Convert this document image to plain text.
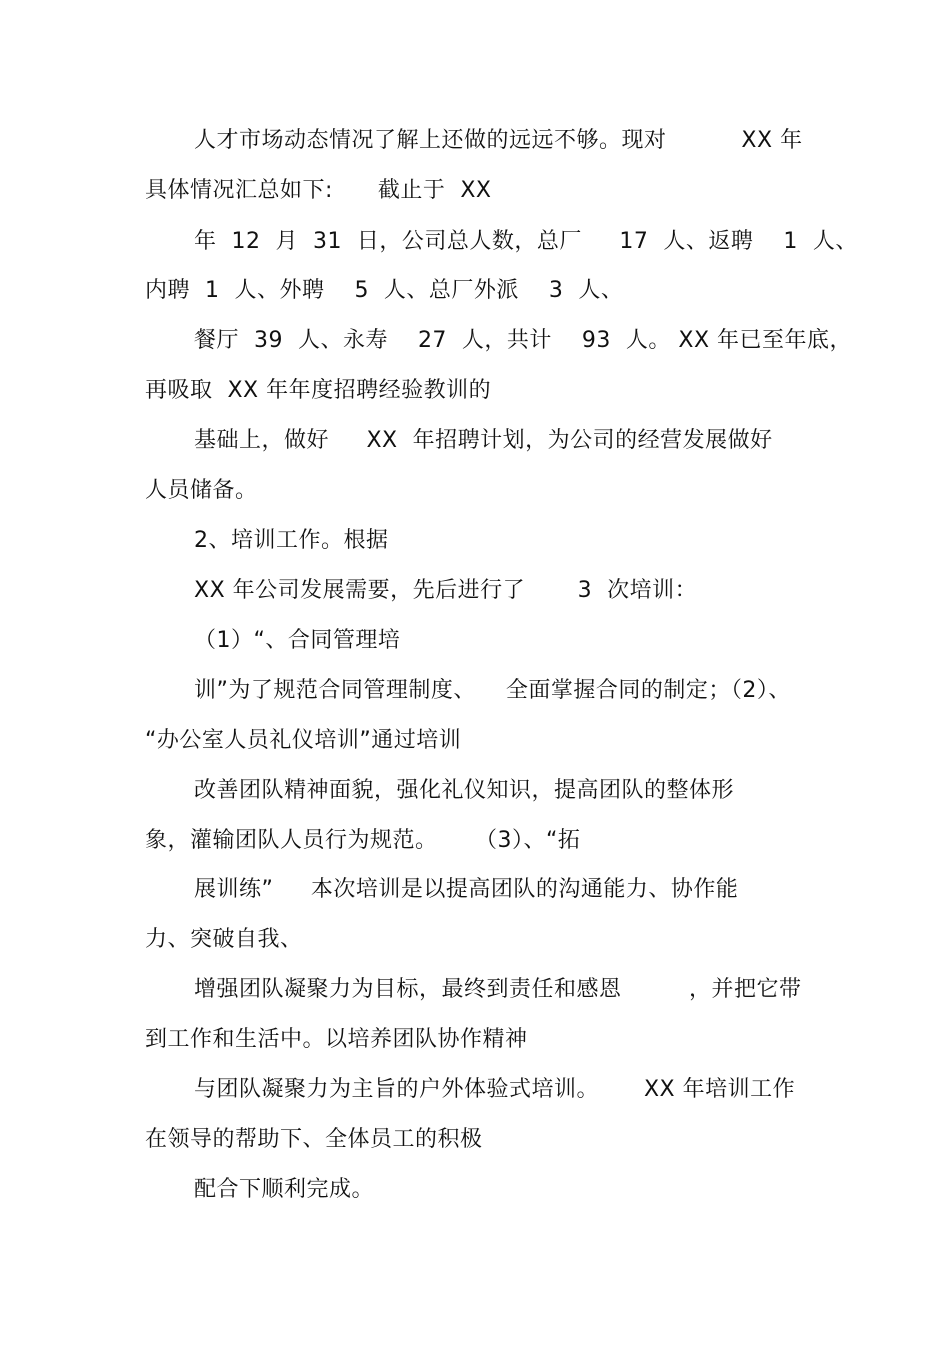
人才市场动态情况了解上还做的远远不够。现对          XX 年
具体情况汇总如下:      截止于  XX
年  12  月  31  日，公司总人数，总厂     17  人、返聘    1  人、
内聘  1  人、外聘    5  人、总厂外派    3  人、
餐厅  39  人、永寿    27  人，共计    93  人。 XX 年已至年底，
再吸取  XX 年年度招聘经验教训的
基础上，做好     XX  年招聘计划，为公司的经营发展做好
人员储备。
2、培训工作。根据
XX 年公司发展需要，先后进行了       3  次培训：
（1）“、合同管理培
训”为了规范合同管理制度、    全面掌握合同的制定；（2）、
“办公室人员礼仪培训”通过培训
改善团队精神面貌，强化礼仪知识，提高团队的整体形
象，灌输团队人员行为规范。     （3）、“拓
展训练”     本次培训是以提高团队的沟通能力、协作能
力、突破自我、
增强团队凝聚力为目标，最终到责任和感恩         ，并把它带
到工作和生活中。以培养团队协作精神
与团队凝聚力为主旨的户外体验式培训。      XX 年培训工作
在领导的帮助下、全体员工的积极
配合下顺利完成。
